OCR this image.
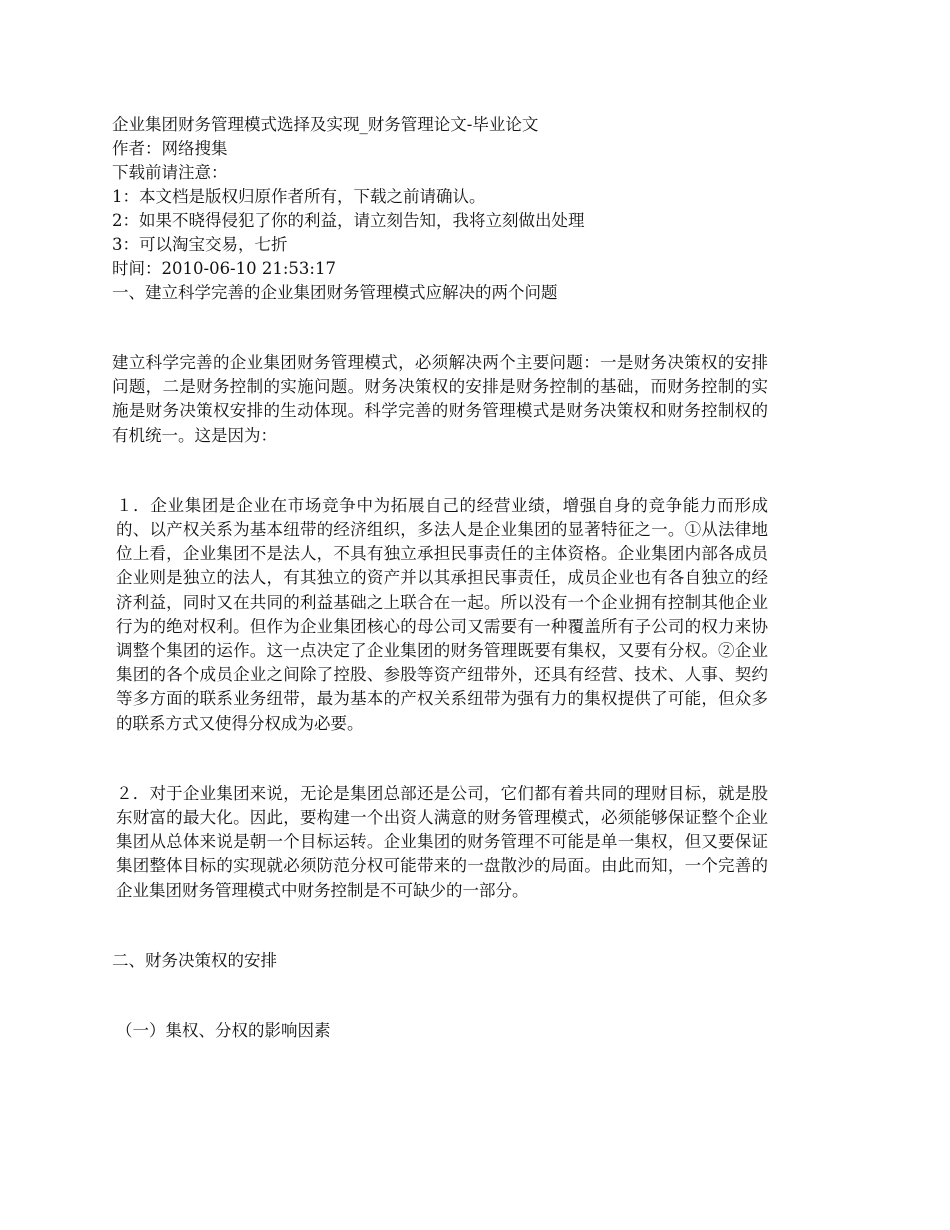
企业集团财务管理模式选择及实现_财务管理论文-毕业论文
作者：网络搜集
下载前请注意：
1：本文档是版权归原作者所有，下载之前请确认。
2：如果不晓得侵犯了你的利益，请立刻告知，我将立刻做出处理
3：可以淘宝交易，七折
时间：2010-06-10 21:53:17
一、建立科学完善的企业集团财务管理模式应解决的两个问题
建立科学完善的企业集团财务管理模式，必须解决两个主要问题：一是财务决策权的安排问题，二是财务控制的实施问题。财务决策权的安排是财务控制的基础，而财务控制的实施是财务决策权安排的生动体现。科学完善的财务管理模式是财务决策权和财务控制权的有机统一。这是因为：
１．企业集团是企业在市场竞争中为拓展自己的经营业绩，增强自身的竞争能力而形成的、以产权关系为基本纽带的经济组织，多法人是企业集团的显著特征之一。①从法律地位上看，企业集团不是法人，不具有独立承担民事责任的主体资格。企业集团内部各成员企业则是独立的法人，有其独立的资产并以其承担民事责任，成员企业也有各自独立的经济利益，同时又在共同的利益基础之上联合在一起。所以没有一个企业拥有控制其他企业行为的绝对权利。但作为企业集团核心的母公司又需要有一种覆盖所有子公司的权力来协调整个集团的运作。这一点决定了企业集团的财务管理既要有集权，又要有分权。②企业集团的各个成员企业之间除了控股、参股等资产纽带外，还具有经营、技术、人事、契约等多方面的联系业务纽带，最为基本的产权关系纽带为强有力的集权提供了可能，但众多的联系方式又使得分权成为必要。
２．对于企业集团来说，无论是集团总部还是公司，它们都有着共同的理财目标，就是股东财富的最大化。因此，要构建一个出资人满意的财务管理模式，必须能够保证整个企业集团从总体来说是朝一个目标运转。企业集团的财务管理不可能是单一集权，但又要保证集团整体目标的实现就必须防范分权可能带来的一盘散沙的局面。由此而知，一个完善的企业集团财务管理模式中财务控制是不可缺少的一部分。
二、财务决策权的安排
（一）集权、分权的影响因素
